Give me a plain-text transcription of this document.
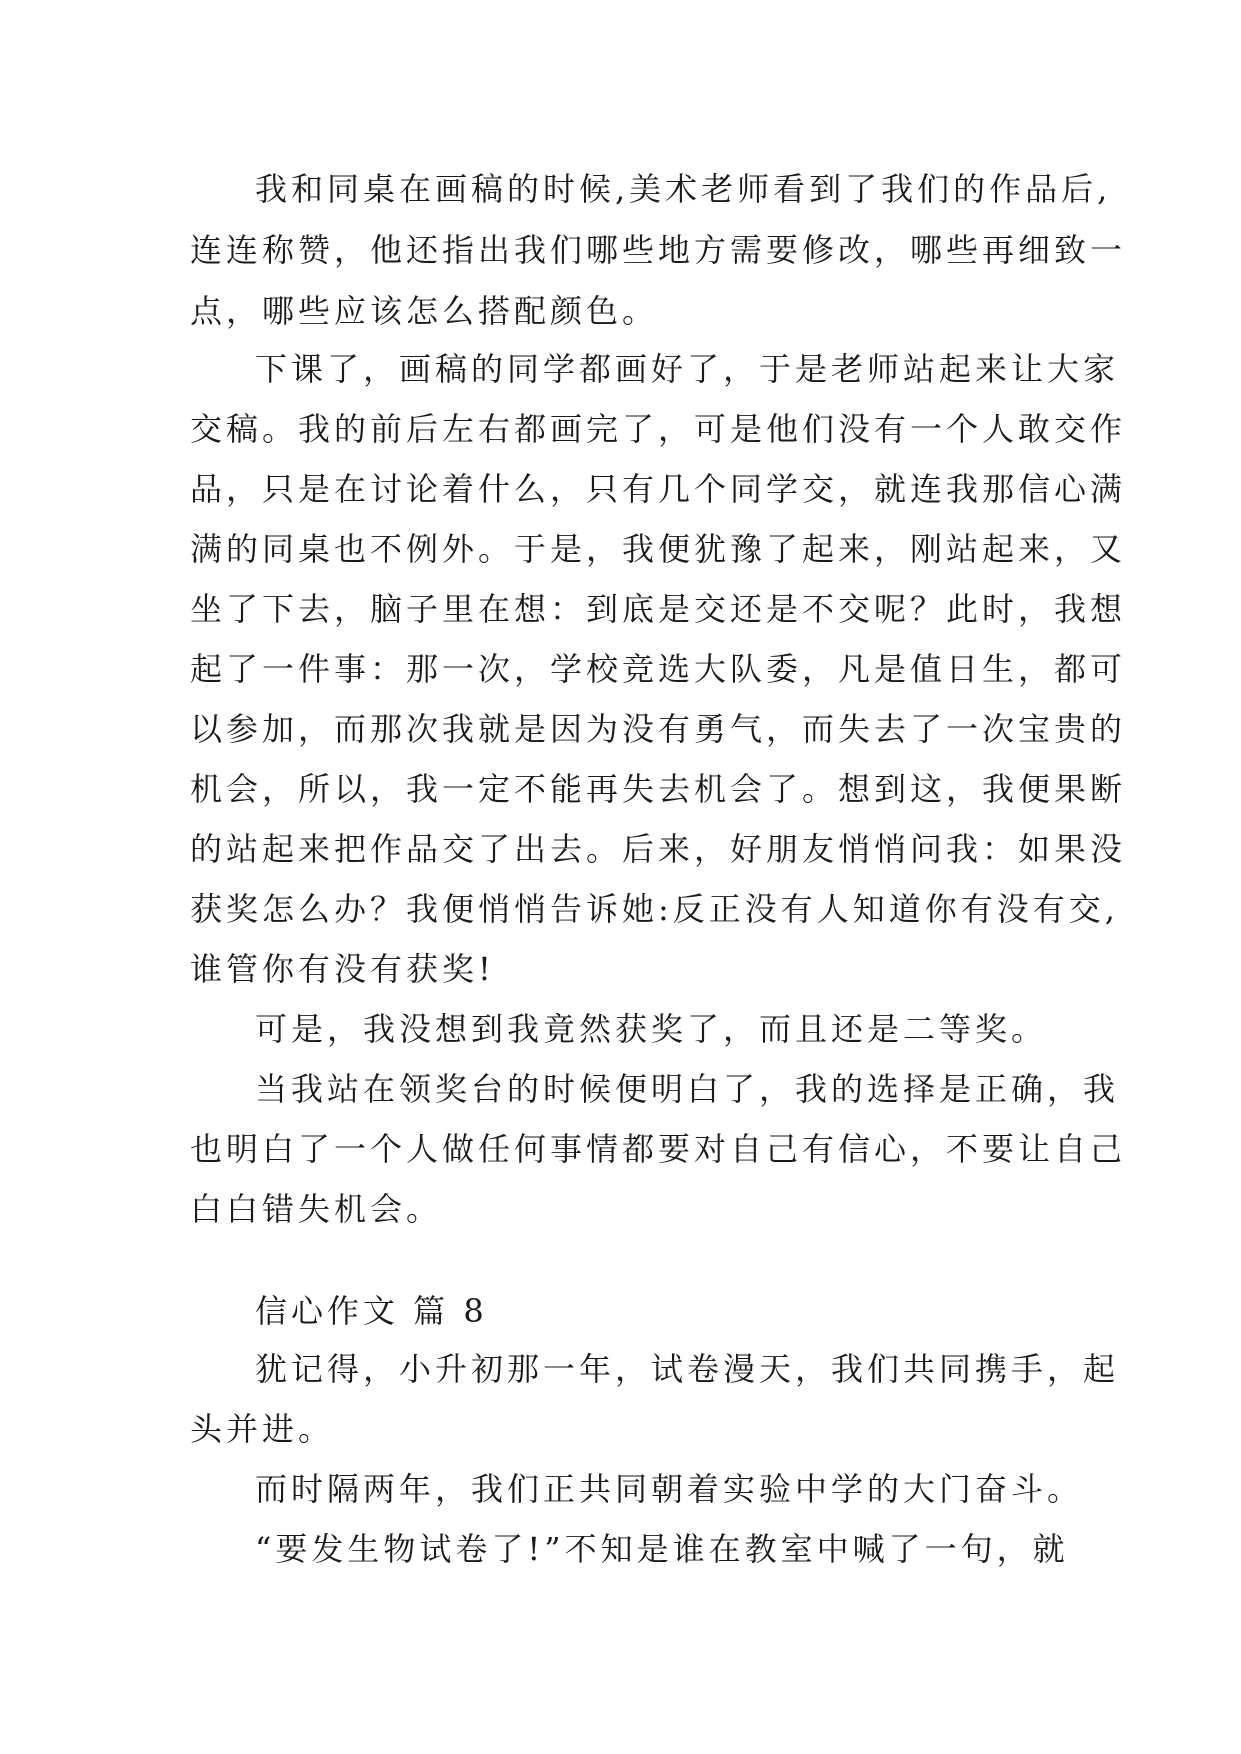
我和同桌在画稿的时候,美术老师看到了我们的作品后,
连连称赞，他还指出我们哪些地方需要修改，哪些再细致一
点，哪些应该怎么搭配颜色。
下课了，画稿的同学都画好了，于是老师站起来让大家
交稿。我的前后左右都画完了，可是他们没有一个人敢交作
品，只是在讨论着什么，只有几个同学交，就连我那信心满
满的同桌也不例外。于是，我便犹豫了起来，刚站起来，又
坐了下去，脑子里在想：到底是交还是不交呢？此时，我想
起了一件事：那一次，学校竞选大队委，凡是值日生，都可
以参加，而那次我就是因为没有勇气，而失去了一次宝贵的
机会，所以，我一定不能再失去机会了。想到这，我便果断
的站起来把作品交了出去。后来，好朋友悄悄问我：如果没
获奖怎么办？我便悄悄告诉她:反正没有人知道你有没有交,
谁管你有没有获奖!
可是，我没想到我竟然获奖了，而且还是二等奖。
当我站在领奖台的时候便明白了，我的选择是正确，我
也明白了一个人做任何事情都要对自己有信心，不要让自己
白白错失机会。
信心作文 篇 8
犹记得，小升初那一年，试卷漫天，我们共同携手，起
头并进。
而时隔两年，我们正共同朝着实验中学的大门奋斗。
“要发生物试卷了!”不知是谁在教室中喊了一句，就
